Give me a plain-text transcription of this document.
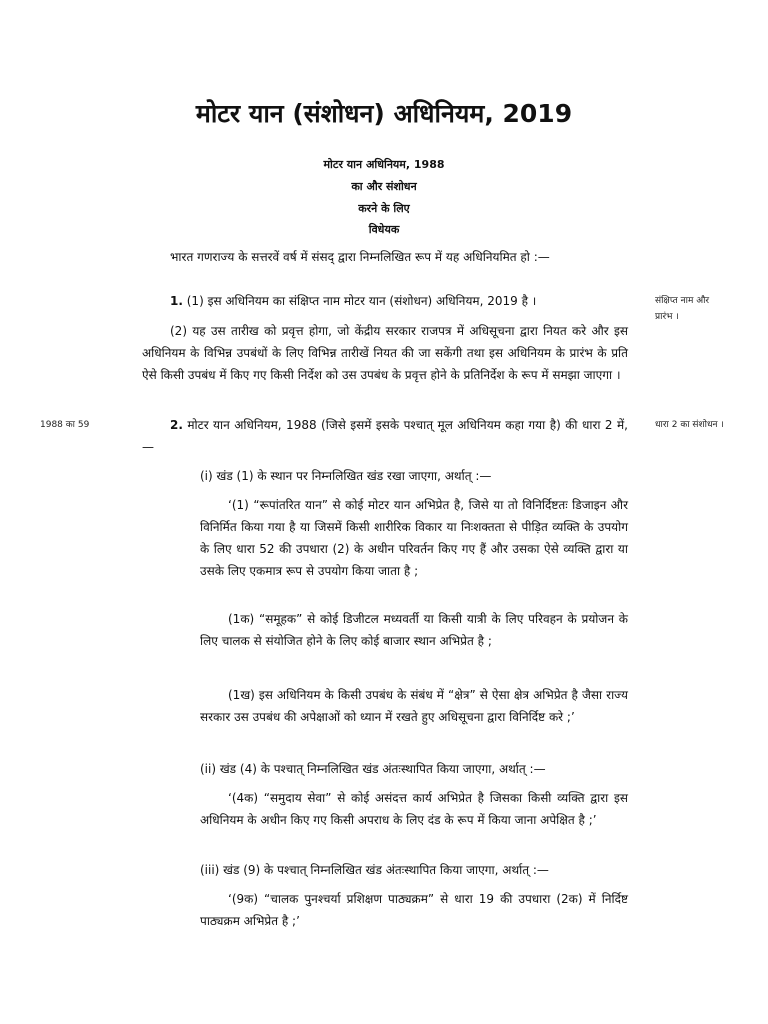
मोटर यान (संशोधन) अधिनियम, 2019
मोटर यान अधिनियम, 1988
का और संशोधन
करने के लिए
विधेयक
भारत गणराज्य के सत्तरवें वर्ष में संसद् द्वारा निम्नलिखित रूप में यह अधिनियमित हो :—
1. (1) इस अधिनियम का संक्षिप्त नाम मोटर यान (संशोधन) अधिनियम, 2019 है ।	संक्षिप्त नाम और प्रारंभ ।
(2) यह उस तारीख को प्रवृत्त होगा, जो केंद्रीय सरकार राजपत्र में अधिसूचना द्वारा नियत करे और इस अधिनियम के विभिन्न उपबंधों के लिए विभिन्न तारीखें नियत की जा सकेंगी तथा इस अधिनियम के प्रारंभ के प्रति ऐसे किसी उपबंध में किए गए किसी निर्देश को उस उपबंध के प्रवृत्त होने के प्रतिनिर्देश के रूप में समझा जाएगा ।
1988 का 59	2. मोटर यान अधिनियम, 1988 (जिसे इसमें इसके पश्चात् मूल अधिनियम कहा गया है) की धारा 2 में,—
धारा 2 का संशोधन ।
(i) खंड (1) के स्थान पर निम्नलिखित खंड रखा जाएगा, अर्थात् :—
‘(1) “रूपांतरित यान” से कोई मोटर यान अभिप्रेत है, जिसे या तो विनिर्दिष्टतः डिजाइन और विनिर्मित किया गया है या जिसमें किसी शारीरिक विकार या निःशक्तता से पीड़ित व्यक्ति के उपयोग के लिए धारा 52 की उपधारा (2) के अधीन परिवर्तन किए गए हैं और उसका ऐसे व्यक्ति द्वारा या उसके लिए एकमात्र रूप से उपयोग किया जाता है ;
(1क) “समूहक” से कोई डिजीटल मध्यवर्ती या किसी यात्री के लिए परिवहन के प्रयोजन के लिए चालक से संयोजित होने के लिए कोई बाजार स्थान अभिप्रेत है ;
(1ख) इस अधिनियम के किसी उपबंध के संबंध में “क्षेत्र” से ऐसा क्षेत्र अभिप्रेत है जैसा राज्य सरकार उस उपबंध की अपेक्षाओं को ध्यान में रखते हुए अधिसूचना द्वारा विनिर्दिष्ट करे ;’
(ii) खंड (4) के पश्चात् निम्नलिखित खंड अंतःस्थापित किया जाएगा, अर्थात् :—
‘(4क) “समुदाय सेवा” से कोई असंदत्त कार्य अभिप्रेत है जिसका किसी व्यक्ति द्वारा इस अधिनियम के अधीन किए गए किसी अपराध के लिए दंड के रूप में किया जाना अपेक्षित है ;’
(iii) खंड (9) के पश्चात् निम्नलिखित खंड अंतःस्थापित किया जाएगा, अर्थात् :—
‘(9क) “चालक पुनश्चर्या प्रशिक्षण पाठ्यक्रम” से धारा 19 की उपधारा (2क) में निर्दिष्ट पाठ्यक्रम अभिप्रेत है ;’
